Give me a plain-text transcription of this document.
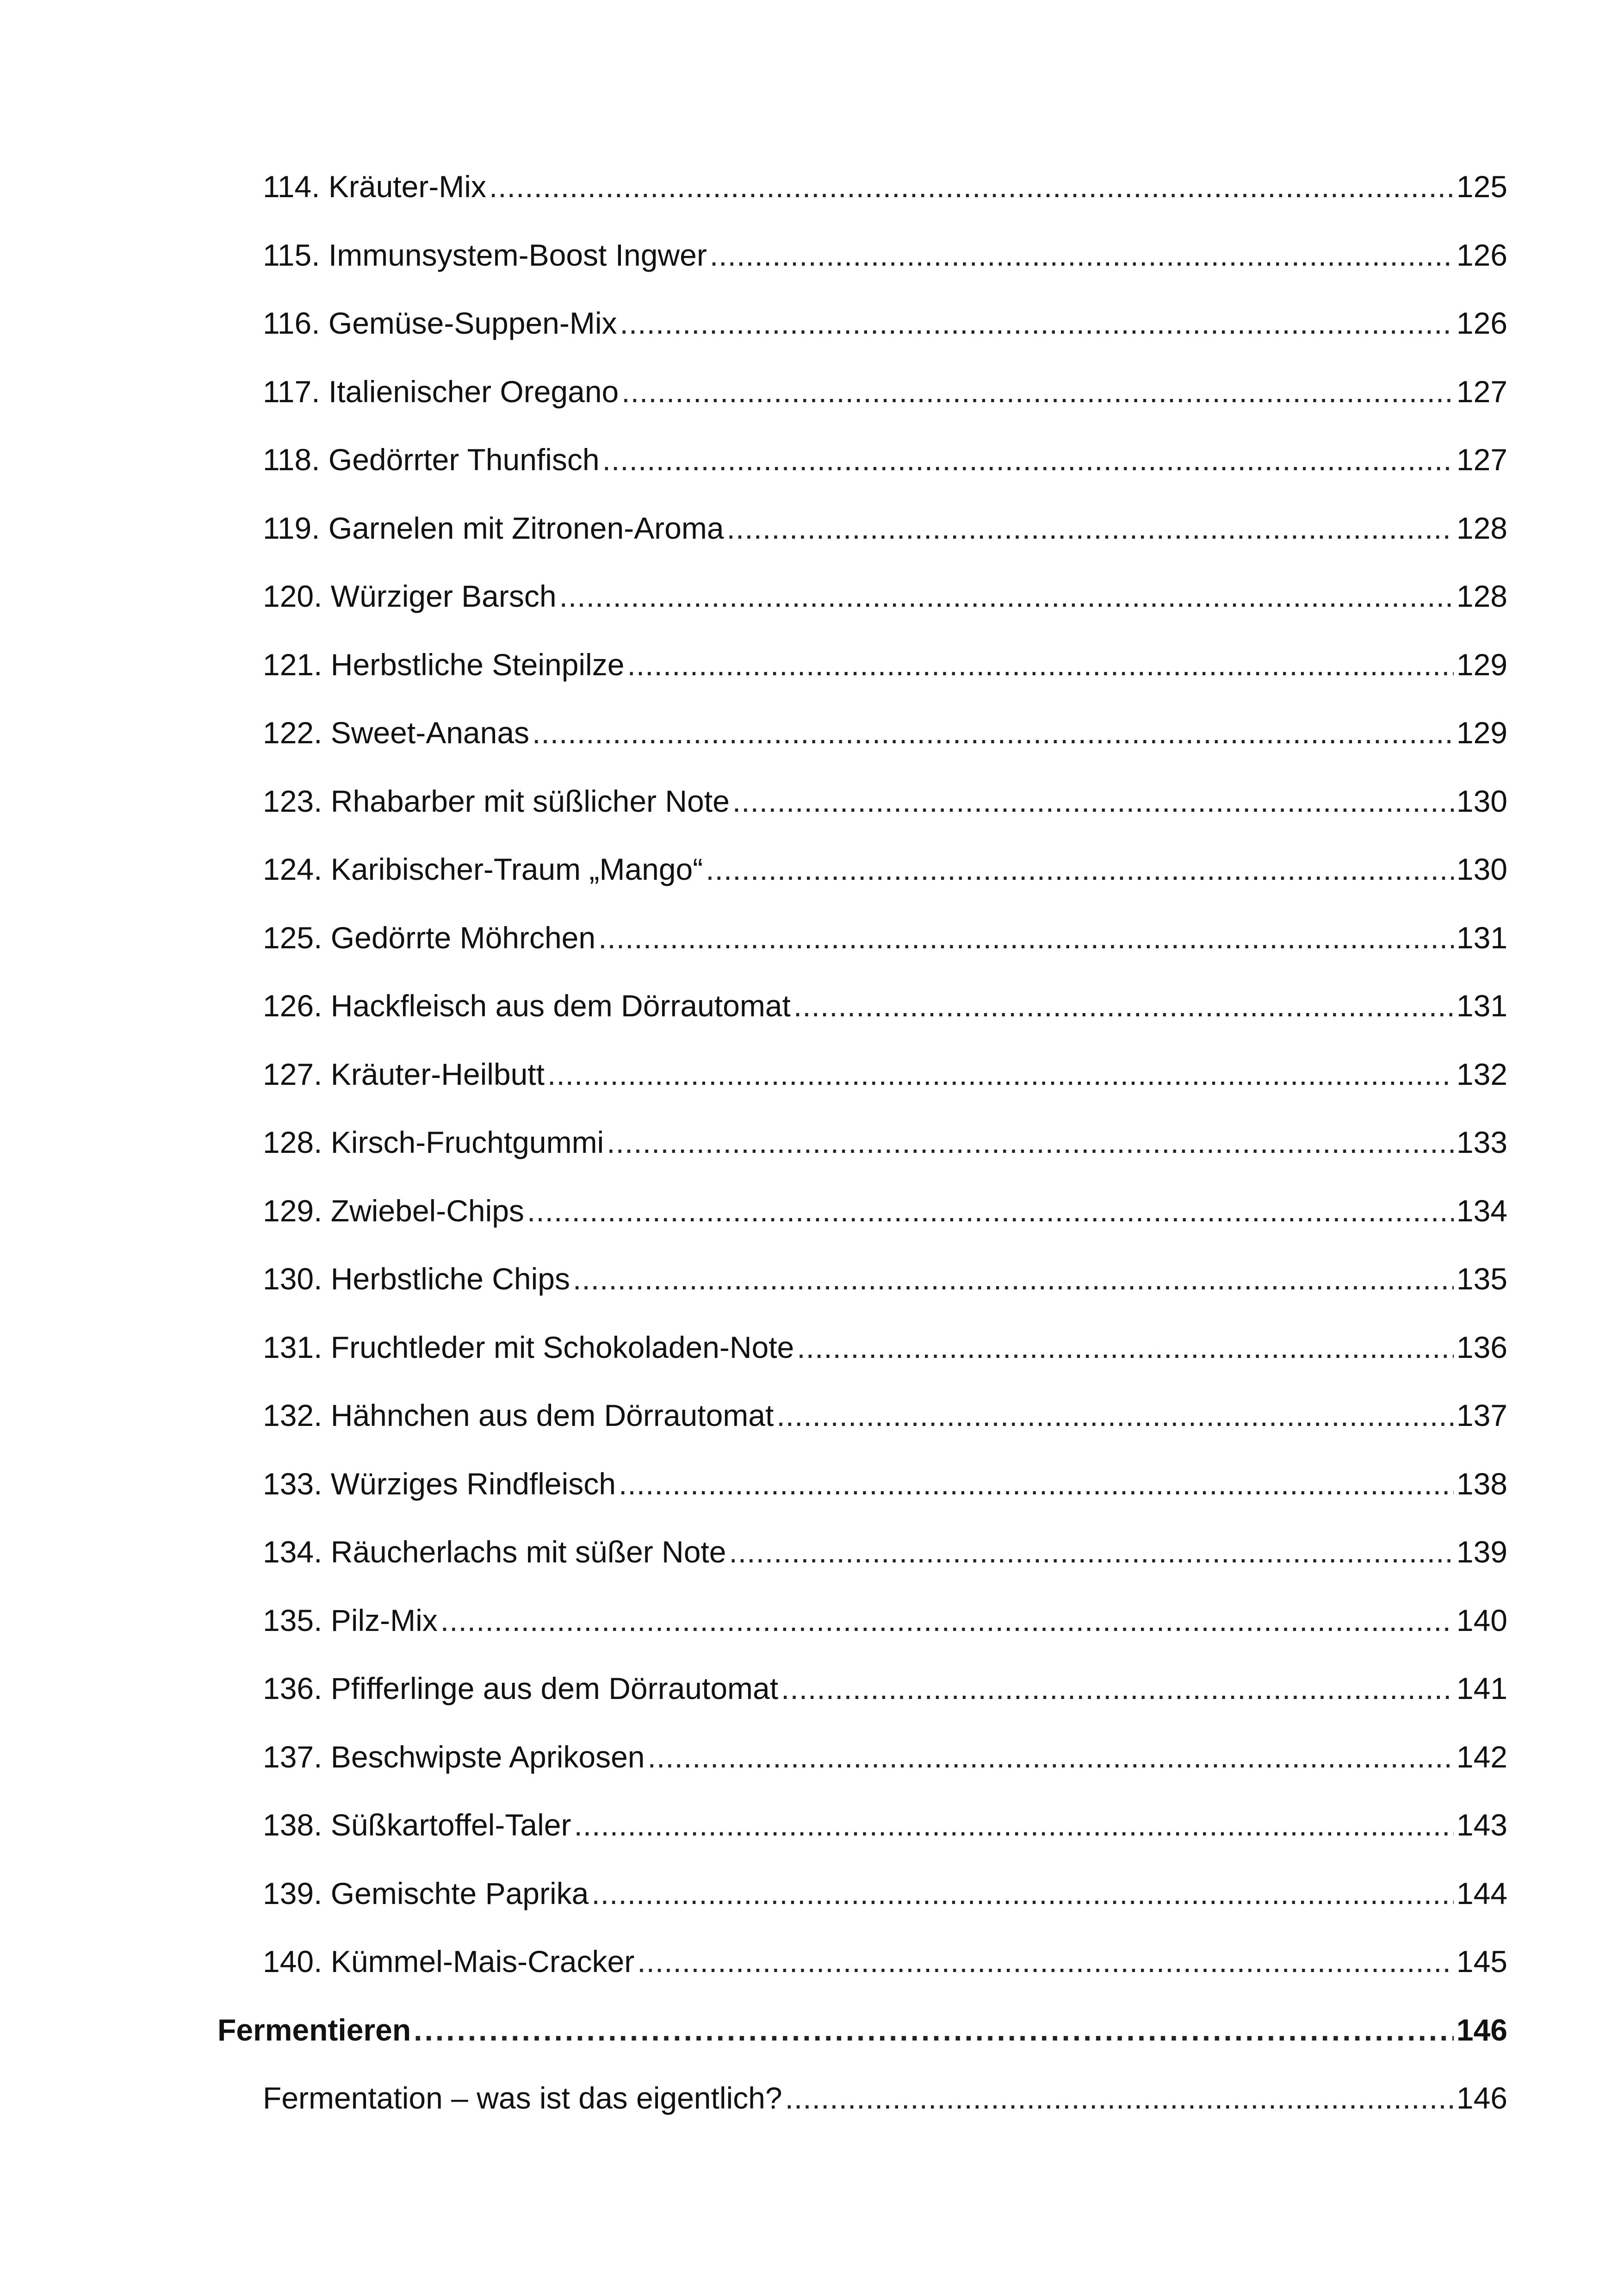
114. Kräuter-Mix .....	125
115. Immunsystem-Boost Ingwer .....	126
116. Gemüse-Suppen-Mix .....	126
117. Italienischer Oregano .....	127
118. Gedörrter Thunfisch .....	127
119. Garnelen mit Zitronen-Aroma .....	128
120. Würziger Barsch .....	128
121. Herbstliche Steinpilze .....	129
122. Sweet-Ananas .....	129
123. Rhabarber mit süßlicher Note .....	130
124. Karibischer-Traum „Mango“ .....	130
125. Gedörrte Möhrchen .....	131
126. Hackfleisch aus dem Dörrautomat .....	131
127. Kräuter-Heilbutt .....	132
128. Kirsch-Fruchtgummi .....	133
129. Zwiebel-Chips .....	134
130. Herbstliche Chips .....	135
131. Fruchtleder mit Schokoladen-Note .....	136
132. Hähnchen aus dem Dörrautomat .....	137
133. Würziges Rindfleisch .....	138
134. Räucherlachs mit süßer Note .....	139
135. Pilz-Mix .....	140
136. Pfifferlinge aus dem Dörrautomat .....	141
137. Beschwipste Aprikosen .....	142
138. Süßkartoffel-Taler .....	143
139. Gemischte Paprika .....	144
140. Kümmel-Mais-Cracker .....	145
Fermentieren .....	146
Fermentation – was ist das eigentlich? .....	146
